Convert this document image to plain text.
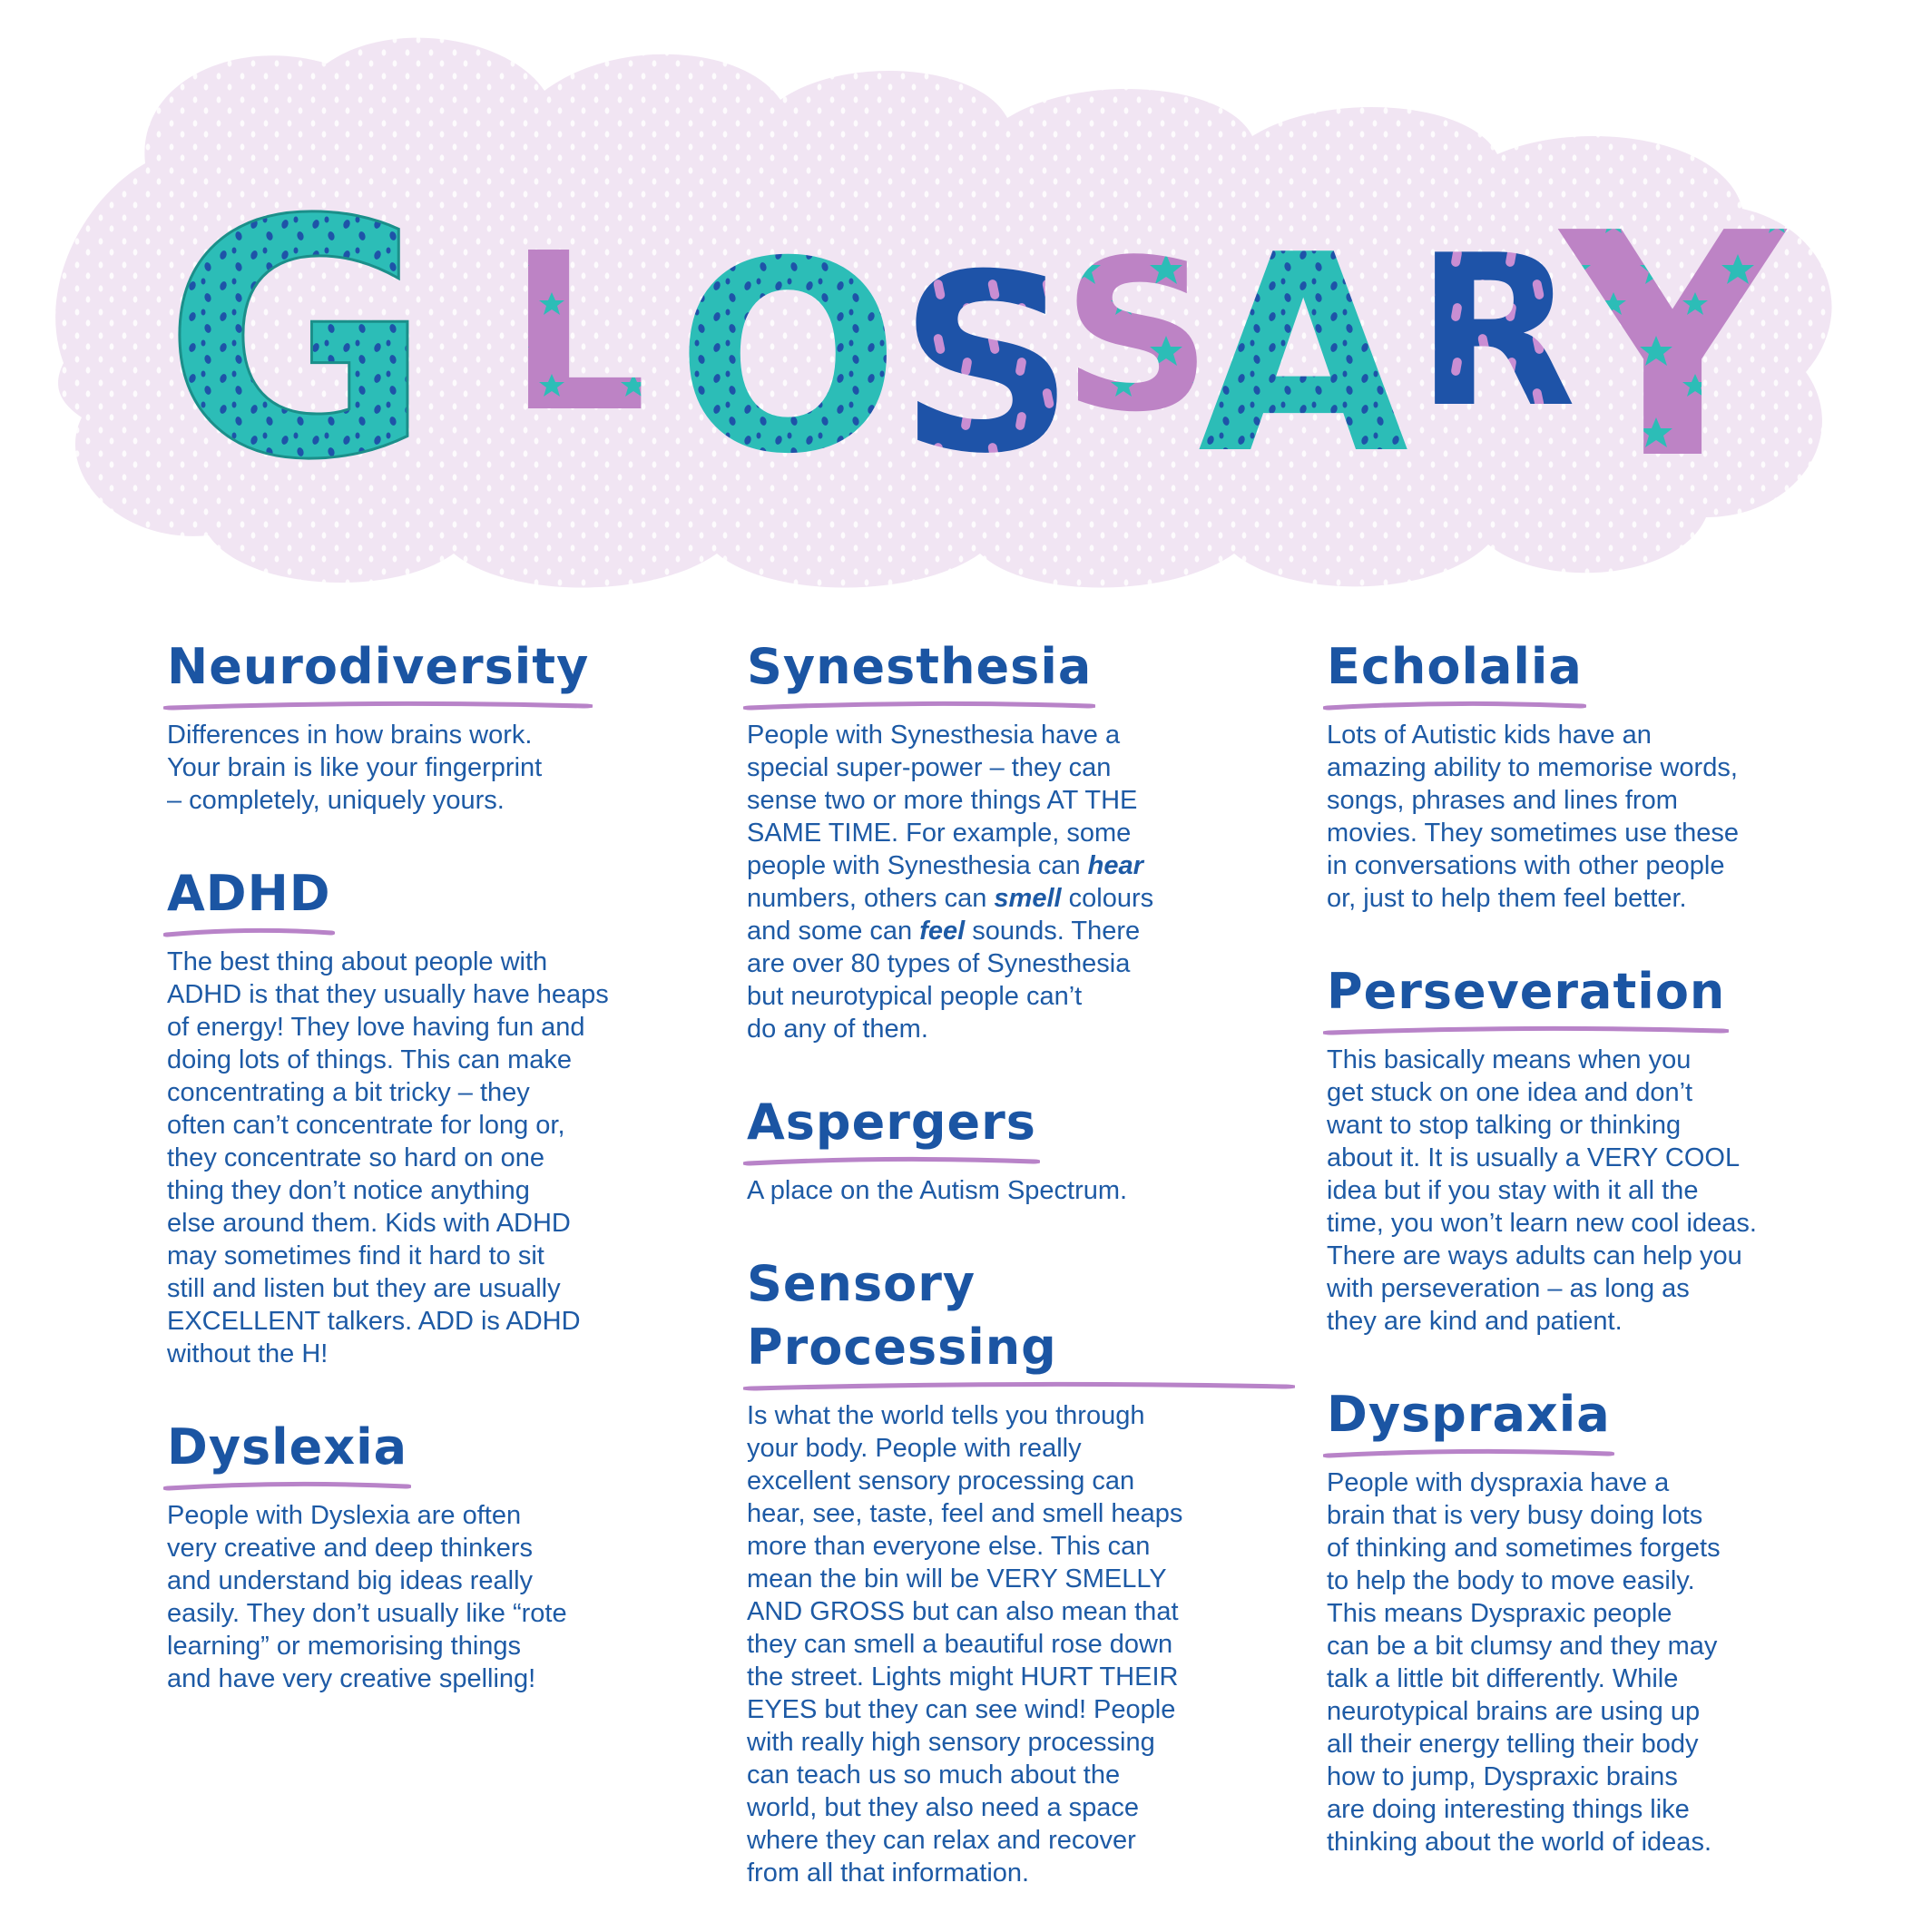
G L O
S
S
A R
Y
Neurodiversity

Differences in how brains work.
Your brain is like your fingerprint
– completely, uniquely yours.

ADHD

The best thing about people with
ADHD is that they usually have heaps
of energy! They love having fun and
doing lots of things. This can make
concentrating a bit tricky – they
often can’t concentrate for long or,
they concentrate so hard on one
thing they don’t notice anything
else around them. Kids with ADHD
may sometimes find it hard to sit
still and listen but they are usually
EXCELLENT talkers. ADD is ADHD
without the H!

Dyslexia

People with Dyslexia are often
very creative and deep thinkers
and understand big ideas really
easily. They don’t usually like “rote
learning” or memorising things
and have very creative spelling!

Synesthesia

People with Synesthesia have a
special super-power – they can
sense two or more things AT THE
SAME TIME. For example, some
people with Synesthesia can hear
numbers, others can smell colours
and some can feel sounds. There
are over 80 types of Synesthesia
but neurotypical people can’t
do any of them.

Aspergers

A place on the Autism Spectrum.

Sensory Processing

Is what the world tells you through
your body. People with really
excellent sensory processing can
hear, see, taste, feel and smell heaps
more than everyone else. This can
mean the bin will be VERY SMELLY
AND GROSS but can also mean that
they can smell a beautiful rose down
the street. Lights might HURT THEIR
EYES but they can see wind! People
with really high sensory processing
can teach us so much about the
world, but they also need a space
where they can relax and recover
from all that information.

Echolalia

Lots of Autistic kids have an
amazing ability to memorise words,
songs, phrases and lines from
movies. They sometimes use these
in conversations with other people
or, just to help them feel better.

Perseveration

This basically means when you
get stuck on one idea and don’t
want to stop talking or thinking
about it. It is usually a VERY COOL
idea but if you stay with it all the
time, you won’t learn new cool ideas.
There are ways adults can help you
with perseveration – as long as
they are kind and patient.

Dyspraxia

People with dyspraxia have a
brain that is very busy doing lots
of thinking and sometimes forgets
to help the body to move easily.
This means Dyspraxic people
can be a bit clumsy and they may
talk a little bit differently. While
neurotypical brains are using up
all their energy telling their body
how to jump, Dyspraxic brains
are doing interesting things like
thinking about the world of ideas.
